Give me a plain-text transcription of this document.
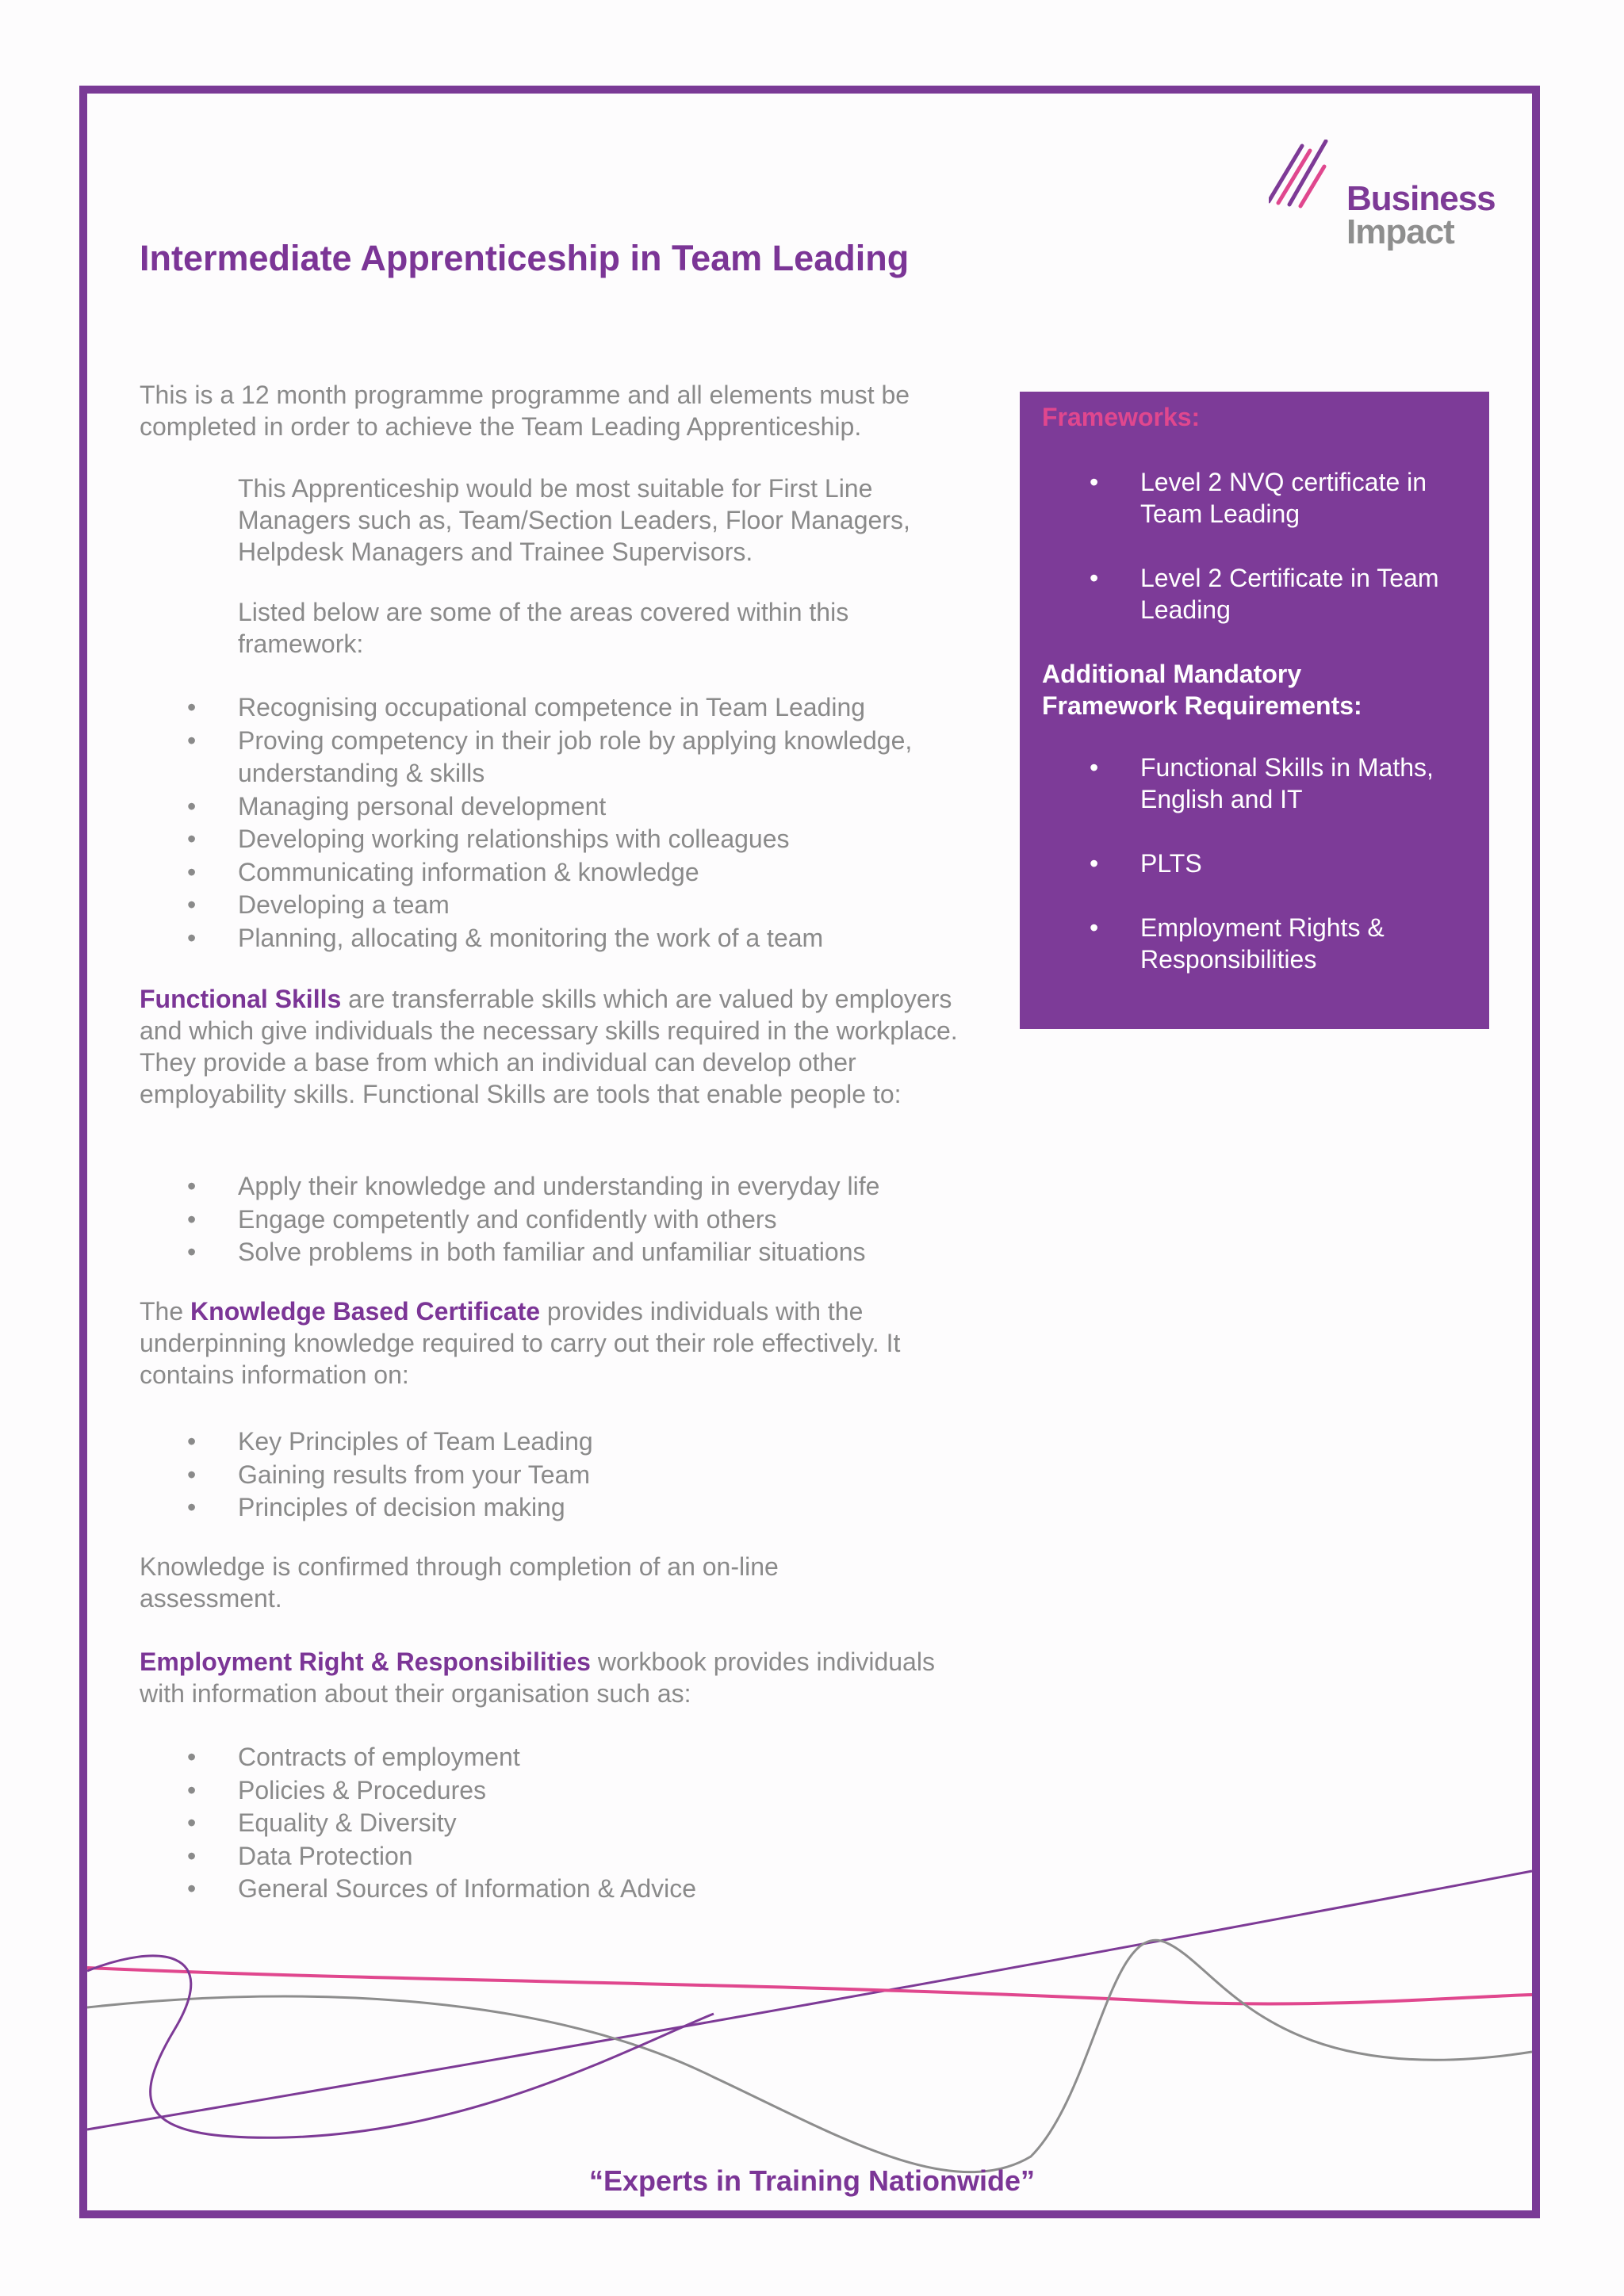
Business
Impact
Intermediate Apprenticeship in Team Leading

This is a 12 month programme programme and all elements must be completed in order to achieve the Team Leading Apprenticeship.

This Apprenticeship would be most suitable for First Line Managers such as, Team/Section Leaders, Floor Managers, Helpdesk Managers and Trainee Supervisors.

Listed below are some of the areas covered within this framework:

• Recognising occupational competence in Team Leading
• Proving competency in their job role by applying knowledge, understanding & skills
• Managing personal development
• Developing working relationships with colleagues
• Communicating information & knowledge
• Developing a team
• Planning, allocating & monitoring the work of a team

Functional Skills are transferrable skills which are valued by employers and which give individuals the necessary skills required in the workplace. They provide a base from which an individual can develop other employability skills. Functional Skills are tools that enable people to:

• Apply their knowledge and understanding in everyday life
• Engage competently and confidently with others
• Solve problems in both familiar and unfamiliar situations

The Knowledge Based Certificate provides individuals with the underpinning knowledge required to carry out their role effectively. It contains information on:

• Key Principles of Team Leading
• Gaining results from your Team
• Principles of decision making

Knowledge is confirmed through completion of an on-line assessment.

Employment Right & Responsibilities workbook provides individuals with information about their organisation such as:

• Contracts of employment
• Policies & Procedures
• Equality & Diversity
• Data Protection
• General Sources of Information & Advice
Frameworks:
• Level 2 NVQ certificate in Team Leading
• Level 2 Certificate in Team Leading
Additional Mandatory Framework Requirements:
• Functional Skills in Maths, English and IT
• PLTS
• Employment Rights & Responsibilities
“Experts in Training Nationwide”
